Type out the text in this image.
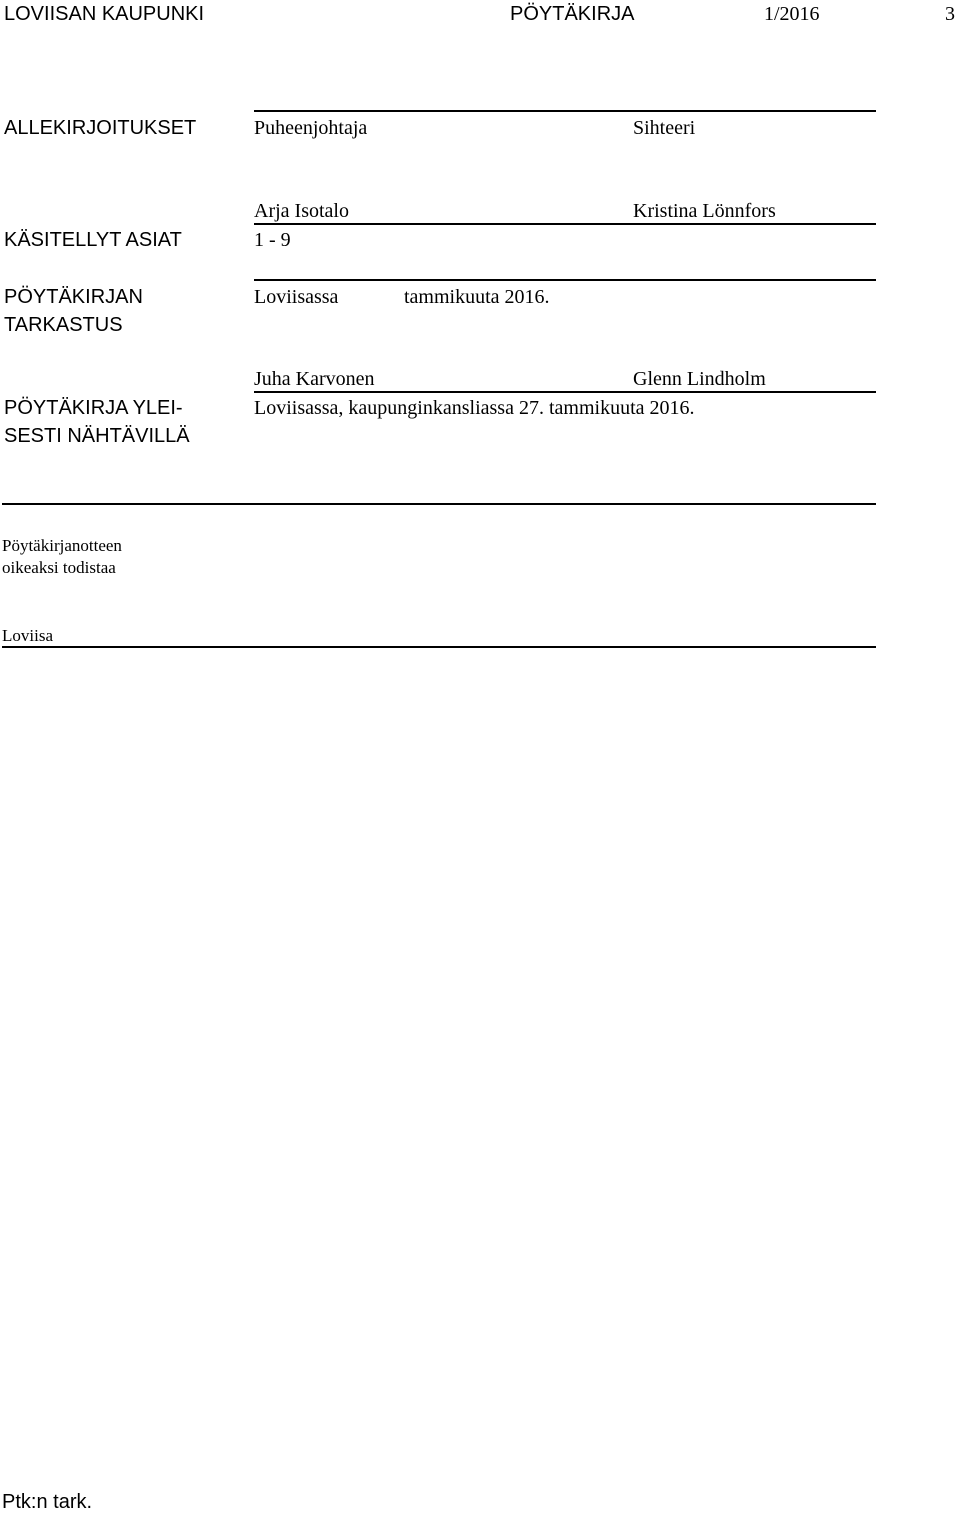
LOVIISAN KAUPUNKI	PÖYTÄKIRJA	1/2016	3
ALLEKIRJOITUKSET	Puheenjohtaja	Sihteeri
Arja Isotalo	Kristina Lönnfors
KÄSITELLYT ASIAT	1 - 9
PÖYTÄKIRJAN
TARKASTUS
Loviisassa	tammikuuta 2016.
Juha Karvonen	Glenn Lindholm
PÖYTÄKIRJA YLEI-
SESTI NÄHTÄVILLÄ
Loviisassa, kaupunginkansliassa 27. tammikuuta 2016.
Pöytäkirjanotteen
oikeaksi todistaa
Loviisa
Ptk:n tark.
